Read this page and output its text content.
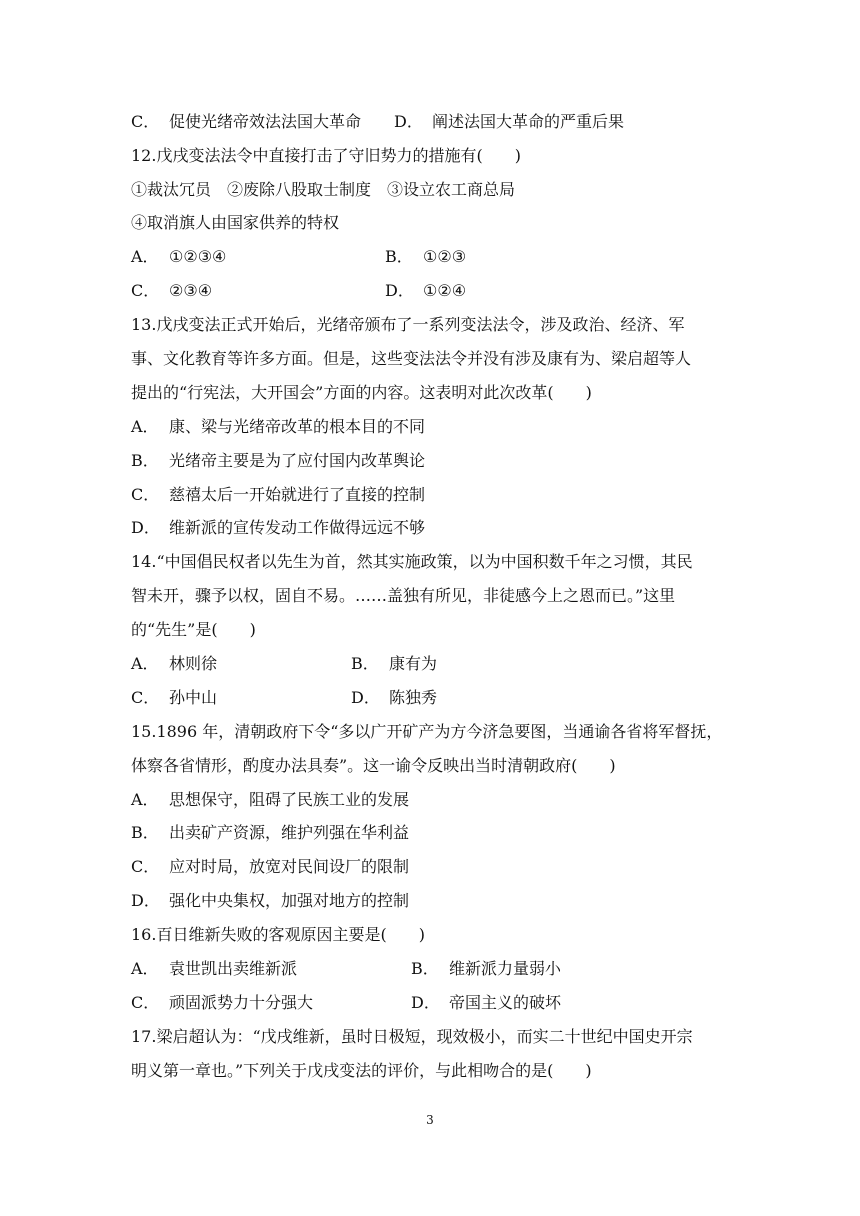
C． 促使光绪帝效法法国大革命 D． 阐述法国大革命的严重后果
12.戊戌变法法令中直接打击了守旧势力的措施有(　　)
①裁汰冗员　②废除八股取士制度　③设立农工商总局
④取消旗人由国家供养的特权
A． ①②③④	B． ①②③
C． ②③④	D． ①②④
13.戊戌变法正式开始后，光绪帝颁布了一系列变法法令，涉及政治、经济、军
事、文化教育等许多方面。但是，这些变法法令并没有涉及康有为、梁启超等人
提出的“行宪法，大开国会”方面的内容。这表明对此次改革(　　)
A． 康、梁与光绪帝改革的根本目的不同
B． 光绪帝主要是为了应付国内改革舆论
C． 慈禧太后一开始就进行了直接的控制
D． 维新派的宣传发动工作做得远远不够
14.“中国倡民权者以先生为首，然其实施政策，以为中国积数千年之习惯，其民
智未开，骤予以权，固自不易。……盖独有所见，非徒感今上之恩而已。”这里
的“先生”是(　　)
A． 林则徐	B． 康有为
C． 孙中山	D． 陈独秀
15.1896 年，清朝政府下令“多以广开矿产为方今济急要图，当通谕各省将军督抚，
体察各省情形，酌度办法具奏”。这一谕令反映出当时清朝政府(　　)
A． 思想保守，阻碍了民族工业的发展
B． 出卖矿产资源，维护列强在华利益
C． 应对时局，放宽对民间设厂的限制
D． 强化中央集权，加强对地方的控制
16.百日维新失败的客观原因主要是(　　)
A． 袁世凯出卖维新派	B． 维新派力量弱小
C． 顽固派势力十分强大	D． 帝国主义的破坏
17.梁启超认为：“戊戌维新，虽时日极短，现效极小，而实二十世纪中国史开宗
明义第一章也。”下列关于戊戌变法的评价，与此相吻合的是(　　)
3
